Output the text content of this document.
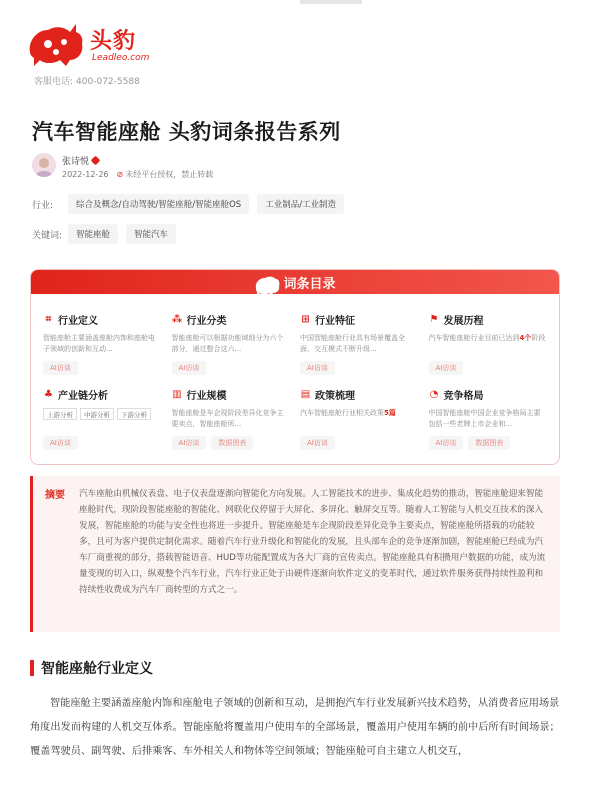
头豹
Leadleo.com
客服电话: 400-072-5588
汽车智能座舱 头豹词条报告系列
张诗悦
2022-12-26 ⊘ 未经平台授权，禁止转载
行业:	综合及概念/自动驾驶/智能座舱/智能座舱OS	工业制品/工业制造
关键词:	智能座舱	智能汽车
词条目录
⌗ 行业定义
智能座舱主要涵盖座舱内饰和座舱电子领域的创新和互动...
AI访谈
⁂ 行业分类
智能座舱可以根据功能域细分为六个部分，通过整合这六...
AI访谈
⊞ 行业特征
中国智能座舱行业具有场景覆盖全面、交互模式不断升级...
AI访谈
⚑ 发展历程
汽车智能座舱行业目前已达到4个阶段
AI访谈
♣ 产业链分析
上游分析	中游分析	下游分析
AI访谈
▥ 行业规模
智能座舱是车企现阶段差异化竞争主要卖点，智能座舱所...
AI访谈	数据图表
▤ 政策梳理
汽车智能座舱行业相关政策5篇
AI访谈
◔ 竞争格局
中国智能座舱中国企业竞争格局主要包括一些老牌上市企业和...
AI访谈	数据图表
摘要	汽车座舱由机械仪表盘、电子仪表盘逐渐向智能化方向发展。人工智能技术的进步、集成化趋势的推动，智能座舱迎来智能座舱时代，现阶段智能座舱的智能化、网联化仪停留于大屏化、多屏化、触屏交互等。随着人工智能与人机交互技术的深入发展，智能座舱的功能与安全性也将进一步提升。智能座舱是车企现阶段差异化竞争主要卖点，智能座舱所搭载的功能较多，且可为客户提供定制化需求。随着汽车行业升级化和智能化的发展，且头部车企的竞争逐渐加剧，智能座舱已经成为汽车厂商重视的部分，搭载智能语音、HUD等功能配置成为各大厂商的宣传卖点。智能座舱具有积攒用户数据的功能，成为流量变现的切入口，纵观整个汽车行业，汽车行业正处于由硬件逐渐向软件定义的变革时代，通过软件服务获得持续性盈利和持续性收费成为汽车厂商转型的方式之一。
智能座舱行业定义
智能座舱主要涵盖座舱内饰和座舱电子领域的创新和互动，是拥抱汽车行业发展新兴技术趋势，从消费者应用场景角度出发而构建的人机交互体系。智能座舱将覆盖用户使用车的全部场景，覆盖用户使用车辆的前中后所有时间场景；覆盖驾驶员、副驾驶、后排乘客、车外相关人和物体等空间领域；智能座舱可自主建立人机交互，
